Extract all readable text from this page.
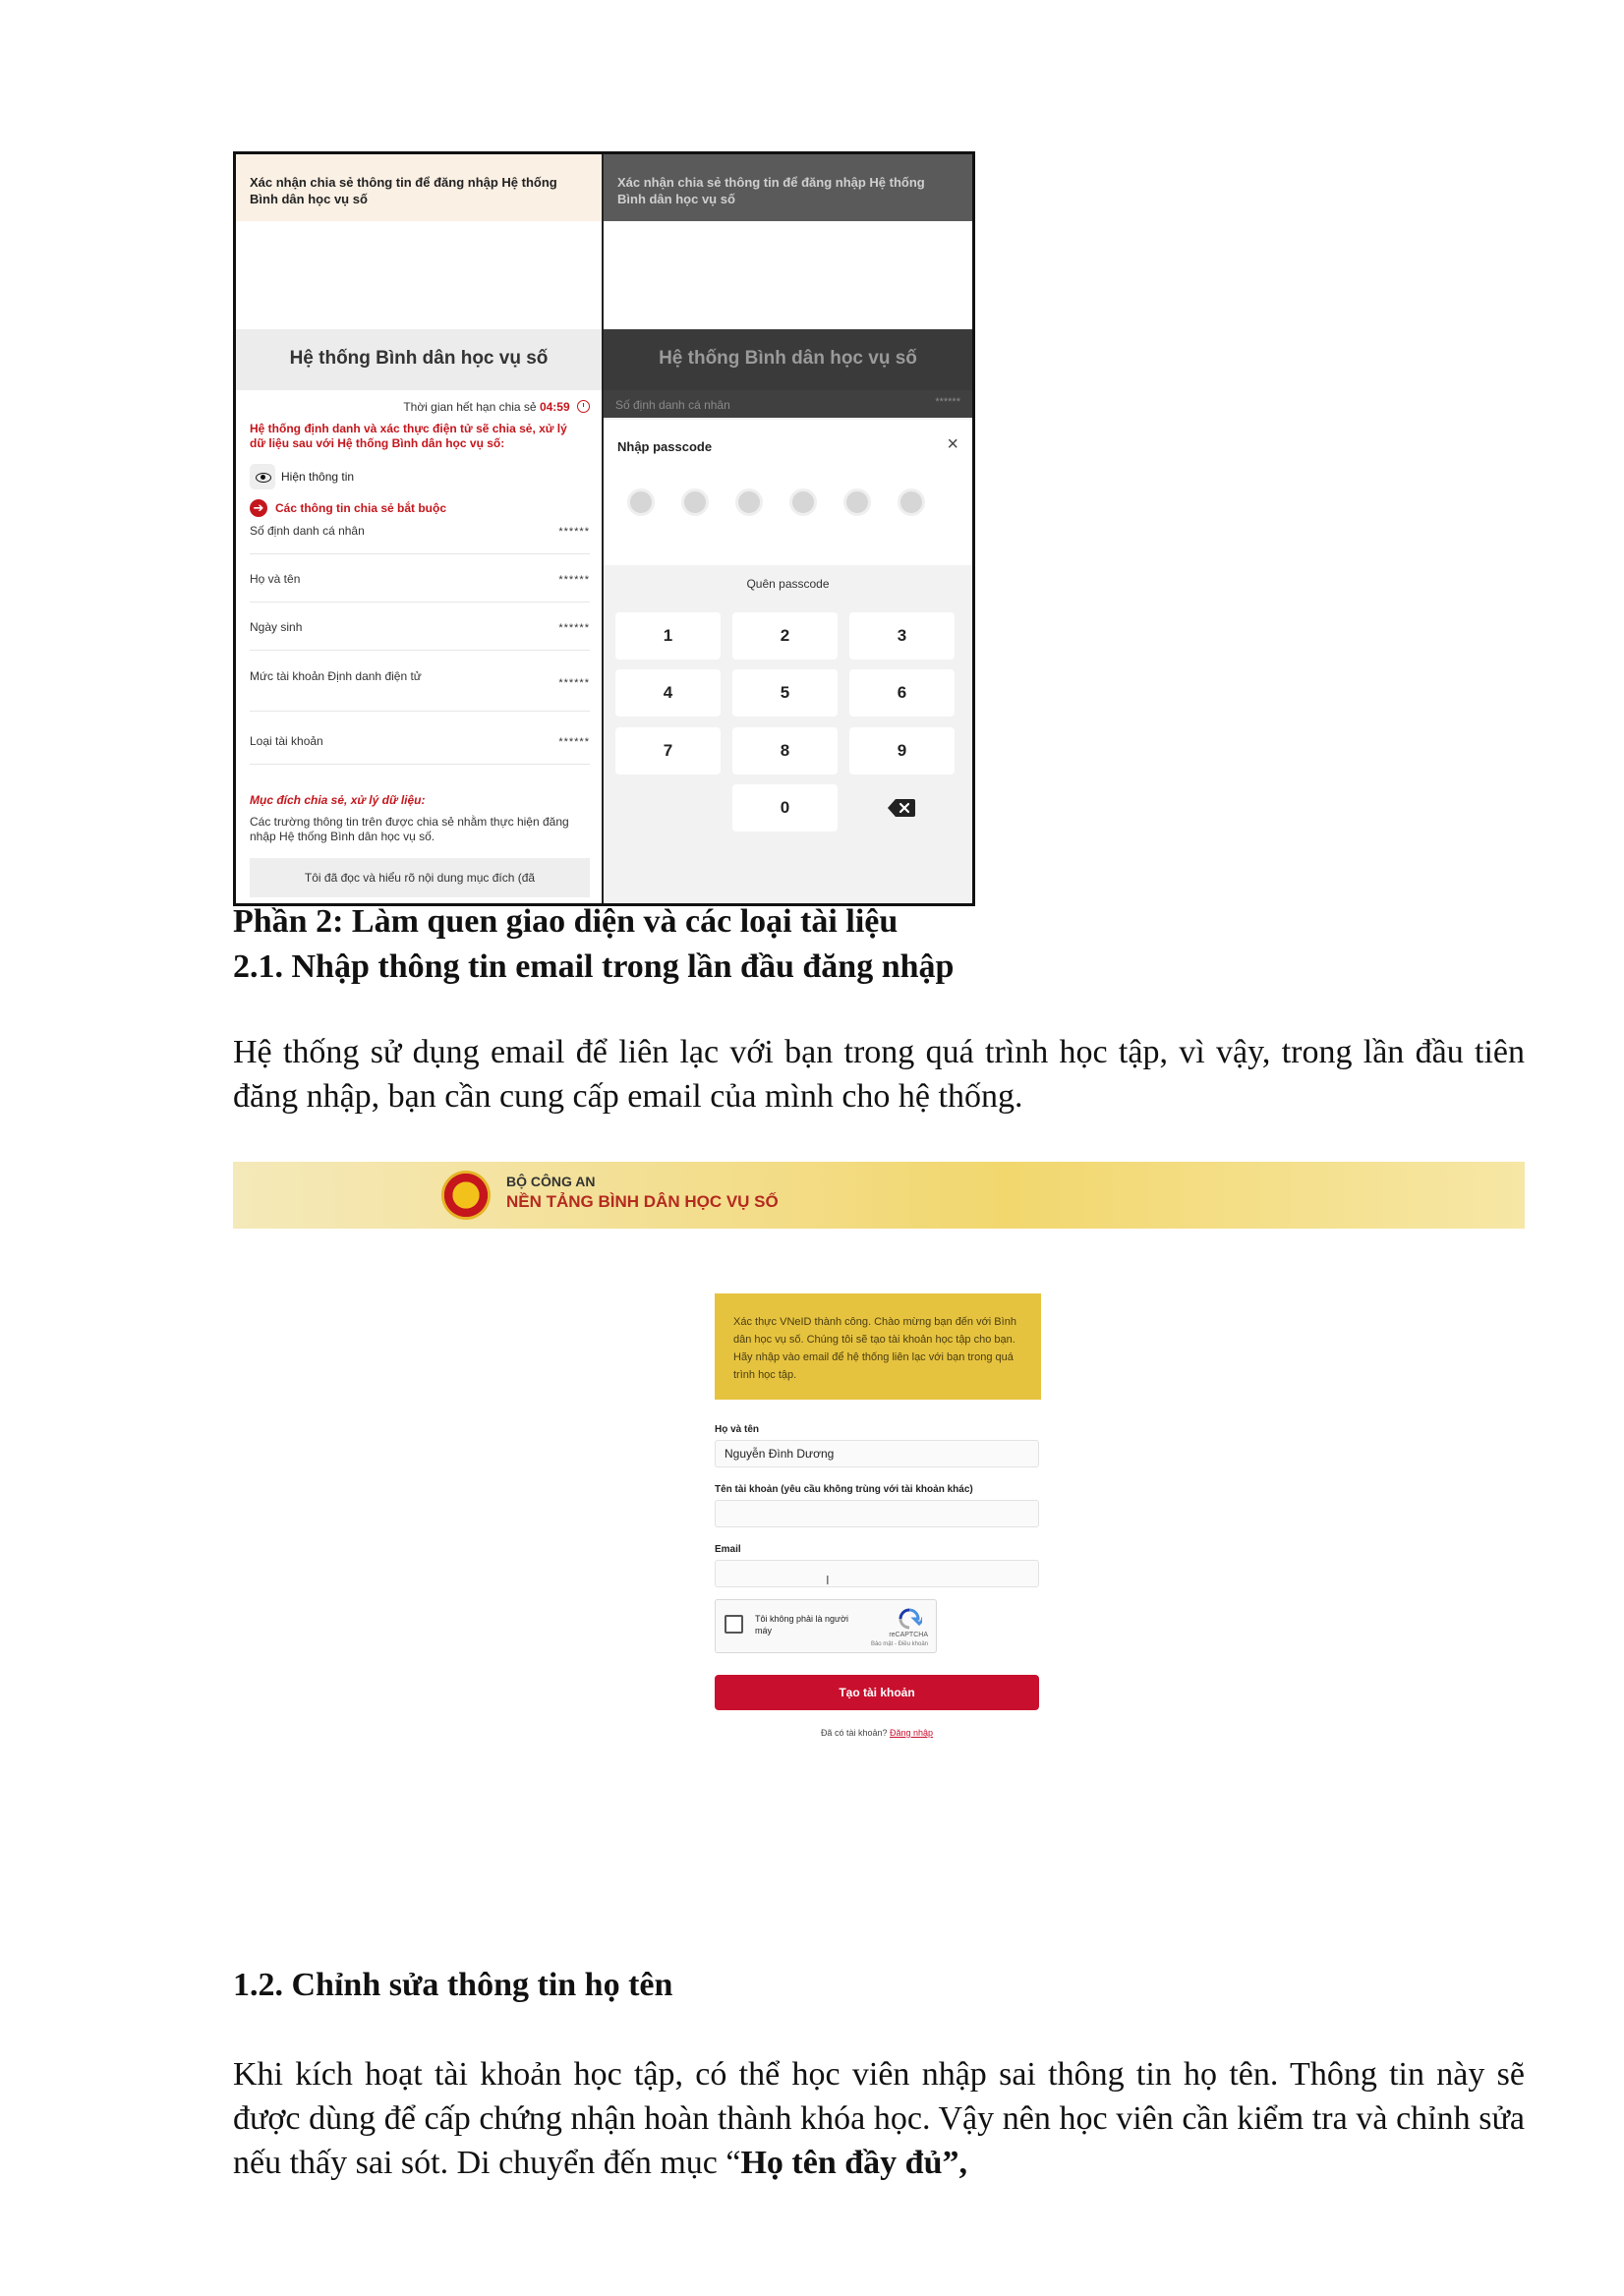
Xác nhận chia sẻ thông tin để đăng nhập Hệ thống Bình dân học vụ số
Hệ thống Bình dân học vụ số
Thời gian hết hạn chia sẻ 04:59
Hệ thống định danh và xác thực điện tử sẽ chia sẻ, xử lý dữ liệu sau với Hệ thống Bình dân học vụ số:
Hiện thông tin
➔ Các thông tin chia sẻ bắt buộc
Số định danh cá nhân	******
Họ và tên	******
Ngày sinh	******
Mức tài khoản Định danh điện tử	******
Loại tài khoản	******
Mục đích chia sẻ, xử lý dữ liệu:
Các trường thông tin trên được chia sẻ nhằm thực hiện đăng nhập Hệ thống Bình dân học vụ số.
Tôi đã đọc và hiểu rõ nội dung mục đích (đã
Xác nhận chia sẻ thông tin để đăng nhập Hệ thống Bình dân học vụ số
Hệ thống Bình dân học vụ số
Số định danh cá nhân	******
Nhập passcode	×
Quên passcode
1	2	3
4	5	6
7	8	9
0
Phần 2: Làm quen giao diện và các loại tài liệu
2.1. Nhập thông tin email trong lần đầu đăng nhập
Hệ thống sử dụng email để liên lạc với bạn trong quá trình học tập, vì vậy, trong lần đầu tiên đăng nhập, bạn cần cung cấp email của mình cho hệ thống.
BỘ CÔNG AN
NỀN TẢNG BÌNH DÂN HỌC VỤ SỐ
Xác thực VNeID thành công. Chào mừng bạn đến với Bình dân học vụ số. Chúng tôi sẽ tạo tài khoản học tập cho bạn. Hãy nhập vào email để hệ thống liên lạc với bạn trong quá trình học tập.
Họ và tên
Nguyễn Đình Dương
Tên tài khoản (yêu cầu không trùng với tài khoản khác)
Email
I
Tôi không phải là người máy	reCAPTCHA
Bảo mật - Điều khoản
Tạo tài khoản
Đã có tài khoản? Đăng nhập
1.2. Chỉnh sửa thông tin họ tên
Khi kích hoạt tài khoản học tập, có thể học viên nhập sai thông tin họ tên. Thông tin này sẽ được dùng để cấp chứng nhận hoàn thành khóa học. Vậy nên học viên cần kiểm tra và chỉnh sửa nếu thấy sai sót. Di chuyển đến mục “Họ tên đầy đủ”,
